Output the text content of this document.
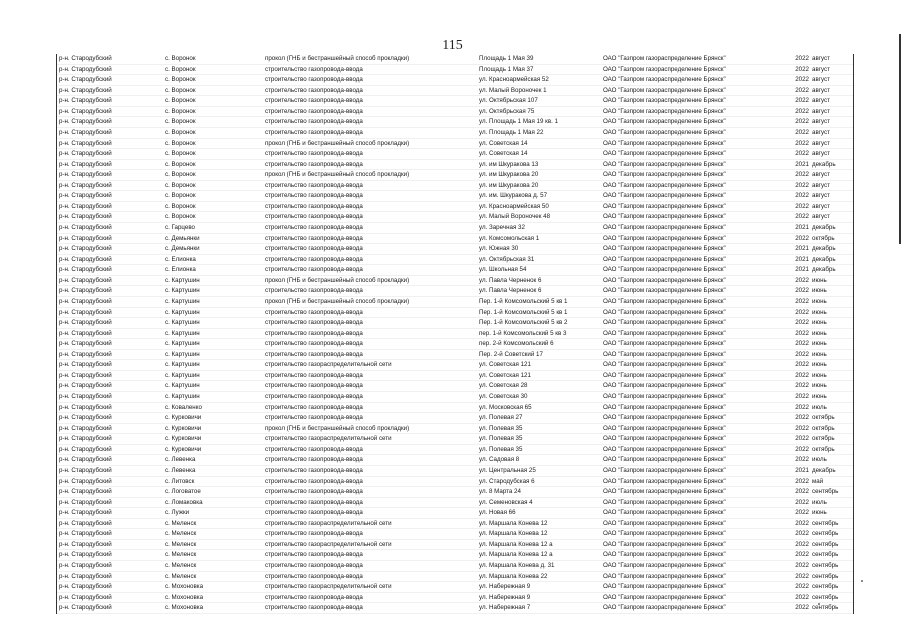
115
р-н. Стародубский	с. Воронок	прокол (ГНБ и бестраншейный способ прокладки)	Площадь 1 Мая 39	ОАО "Газпром газораспределение Брянск"	2022 август
р-н. Стародубский	с. Воронок	строительство газопровода-ввода	Площадь 1 Мая 37	ОАО "Газпром газораспределение Брянск"	2022 август
р-н. Стародубский	с. Воронок	строительство газопровода-ввода	ул. Красноармейская 52	ОАО "Газпром газораспределение Брянск"	2022 август
р-н. Стародубский	с. Воронок	строительство газопровода-ввода	ул. Малый Вороночек 1	ОАО "Газпром газораспределение Брянск"	2022 август
р-н. Стародубский	с. Воронок	строительство газопровода-ввода	ул. Октябрьская 107	ОАО "Газпром газораспределение Брянск"	2022 август
р-н. Стародубский	с. Воронок	строительство газопровода-ввода	ул. Октябрьская 75	ОАО "Газпром газораспределение Брянск"	2022 август
р-н. Стародубский	с. Воронок	строительство газопровода-ввода	ул. Площадь 1 Мая 19 кв. 1	ОАО "Газпром газораспределение Брянск"	2022 август
р-н. Стародубский	с. Воронок	строительство газопровода-ввода	ул. Площадь 1 Мая 22	ОАО "Газпром газораспределение Брянск"	2022 август
р-н. Стародубский	с. Воронок	прокол (ГНБ и бестраншейный способ прокладки)	ул. Советская 14	ОАО "Газпром газораспределение Брянск"	2022 август
р-н. Стародубский	с. Воронок	строительство газопровода-ввода	ул. Советская 14	ОАО "Газпром газораспределение Брянск"	2022 август
р-н. Стародубский	с. Воронок	строительство газопровода-ввода	ул. им Шкуракова 13	ОАО "Газпром газораспределение Брянск"	2021 декабрь
р-н. Стародубский	с. Воронок	прокол (ГНБ и бестраншейный способ прокладки)	ул. им Шкуракова 20	ОАО "Газпром газораспределение Брянск"	2022 август
р-н. Стародубский	с. Воронок	строительство газопровода-ввода	ул. им Шкуракова 20	ОАО "Газпром газораспределение Брянск"	2022 август
р-н. Стародубский	с. Воронок	строительство газопровода-ввода	ул. им. Шкуракова д. 57	ОАО "Газпром газораспределение Брянск"	2022 август
р-н. Стародубский	с. Воронок	строительство газопровода-ввода	ул. Красноармейская 50	ОАО "Газпром газораспределение Брянск"	2022 август
р-н. Стародубский	с. Воронок	строительство газопровода-ввода	ул. Малый Вороночек 48	ОАО "Газпром газораспределение Брянск"	2022 август
р-н. Стародубский	с. Гарцево	строительство газопровода-ввода	ул. Заречная 32	ОАО "Газпром газораспределение Брянск"	2021 декабрь
р-н. Стародубский	с. Демьянки	строительство газопровода-ввода	ул. Комсомольская 1	ОАО "Газпром газораспределение Брянск"	2022 октябрь
р-н. Стародубский	с. Демьянки	строительство газопровода-ввода	ул. Южная 30	ОАО "Газпром газораспределение Брянск"	2021 декабрь
р-н. Стародубский	с. Елионка	строительство газопровода-ввода	ул. Октябрьская 31	ОАО "Газпром газораспределение Брянск"	2021 декабрь
р-н. Стародубский	с. Елионка	строительство газопровода-ввода	ул. Школьная 54	ОАО "Газпром газораспределение Брянск"	2021 декабрь
р-н. Стародубский	с. Картушин	прокол (ГНБ и бестраншейный способ прокладки)	ул. Павла Черненок 6	ОАО "Газпром газораспределение Брянск"	2022 июнь
р-н. Стародубский	с. Картушин	строительство газопровода-ввода	ул. Павла Черненок 6	ОАО "Газпром газораспределение Брянск"	2022 июнь
р-н. Стародубский	с. Картушин	прокол (ГНБ и бестраншейный способ прокладки)	Пер. 1-й Комсомольский 5 кв 1	ОАО "Газпром газораспределение Брянск"	2022 июнь
р-н. Стародубский	с. Картушин	строительство газопровода-ввода	Пер. 1-й Комсомольский 5 кв 1	ОАО "Газпром газораспределение Брянск"	2022 июнь
р-н. Стародубский	с. Картушин	строительство газопровода-ввода	Пер. 1-й Комсомольский 5 кв 2	ОАО "Газпром газораспределение Брянск"	2022 июнь
р-н. Стародубский	с. Картушин	строительство газопровода-ввода	пер. 1-й Комсомольский 5 кв 3	ОАО "Газпром газораспределение Брянск"	2022 июнь
р-н. Стародубский	с. Картушин	строительство газопровода-ввода	пер. 2-й Комсомольский 6	ОАО "Газпром газораспределение Брянск"	2022 июнь
р-н. Стародубский	с. Картушин	строительство газопровода-ввода	Пер. 2-й Советский 17	ОАО "Газпром газораспределение Брянск"	2022 июнь
р-н. Стародубский	с. Картушин	строительство газораспределительной сети	ул. Советская 121	ОАО "Газпром газораспределение Брянск"	2022 июнь
р-н. Стародубский	с. Картушин	строительство газопровода-ввода	ул. Советская 121	ОАО "Газпром газораспределение Брянск"	2022 июнь
р-н. Стародубский	с. Картушин	строительство газопровода-ввода	ул. Советская 28	ОАО "Газпром газораспределение Брянск"	2022 июнь
р-н. Стародубский	с. Картушин	строительство газопровода-ввода	ул. Советская 30	ОАО "Газпром газораспределение Брянск"	2022 июнь
р-н. Стародубский	с. Коваленко	строительство газопровода-ввода	ул. Московская 65	ОАО "Газпром газораспределение Брянск"	2022 июль
р-н. Стародубский	с. Курковичи	строительство газопровода-ввода	ул. Полевая 27	ОАО "Газпром газораспределение Брянск"	2022 октябрь
р-н. Стародубский	с. Курковичи	прокол (ГНБ и бестраншейный способ прокладки)	ул. Полевая 35	ОАО "Газпром газораспределение Брянск"	2022 октябрь
р-н. Стародубский	с. Курковичи	строительство газораспределительной сети	ул. Полевая 35	ОАО "Газпром газораспределение Брянск"	2022 октябрь
р-н. Стародубский	с. Курковичи	строительство газопровода-ввода	ул. Полевая 35	ОАО "Газпром газораспределение Брянск"	2022 октябрь
р-н. Стародубский	с. Левенка	строительство газопровода-ввода	ул. Садовая 8	ОАО "Газпром газораспределение Брянск"	2022 июль
р-н. Стародубский	с. Левенка	строительство газопровода-ввода	ул. Центральная 25	ОАО "Газпром газораспределение Брянск"	2021 декабрь
р-н. Стародубский	с. Литовск	строительство газопровода-ввода	ул. Стародубская 6	ОАО "Газпром газораспределение Брянск"	2022 май
р-н. Стародубский	с. Логоватое	строительство газопровода-ввода	ул. 8 Марта 24	ОАО "Газпром газораспределение Брянск"	2022 сентябрь
р-н. Стародубский	с. Ломаковка	строительство газопровода-ввода	ул. Семеновская 4	ОАО "Газпром газораспределение Брянск"	2022 июль
р-н. Стародубский	с. Лужки	строительство газопровода-ввода	ул. Новая 66	ОАО "Газпром газораспределение Брянск"	2022 июнь
р-н. Стародубский	с. Меленск	строительство газораспределительной сети	ул. Маршала Конева 12	ОАО "Газпром газораспределение Брянск"	2022 сентябрь
р-н. Стародубский	с. Меленск	строительство газопровода-ввода	ул. Маршала Конева 12	ОАО "Газпром газораспределение Брянск"	2022 сентябрь
р-н. Стародубский	с. Меленск	строительство газораспределительной сети	ул. Маршала Конева 12 а	ОАО "Газпром газораспределение Брянск"	2022 сентябрь
р-н. Стародубский	с. Меленск	строительство газопровода-ввода	ул. Маршала Конева 12 а	ОАО "Газпром газораспределение Брянск"	2022 сентябрь
р-н. Стародубский	с. Меленск	строительство газопровода-ввода	ул. Маршала Конева д. 31	ОАО "Газпром газораспределение Брянск"	2022 сентябрь
р-н. Стародубский	с. Меленск	строительство газопровода-ввода	ул. Маршала Конева 22	ОАО "Газпром газораспределение Брянск"	2022 сентябрь
р-н. Стародубский	с. Мохоновка	строительство газораспределительной сети	ул. Набережная 9	ОАО "Газпром газораспределение Брянск"	2022 сентябрь
р-н. Стародубский	с. Мохоновка	строительство газопровода-ввода	ул. Набережная 9	ОАО "Газпром газораспределение Брянск"	2022 сентябрь
р-н. Стародубский	с. Мохоновка	строительство газопровода-ввода	ул. Набережная 7	ОАО "Газпром газораспределение Брянск"	2022 сентябрь
